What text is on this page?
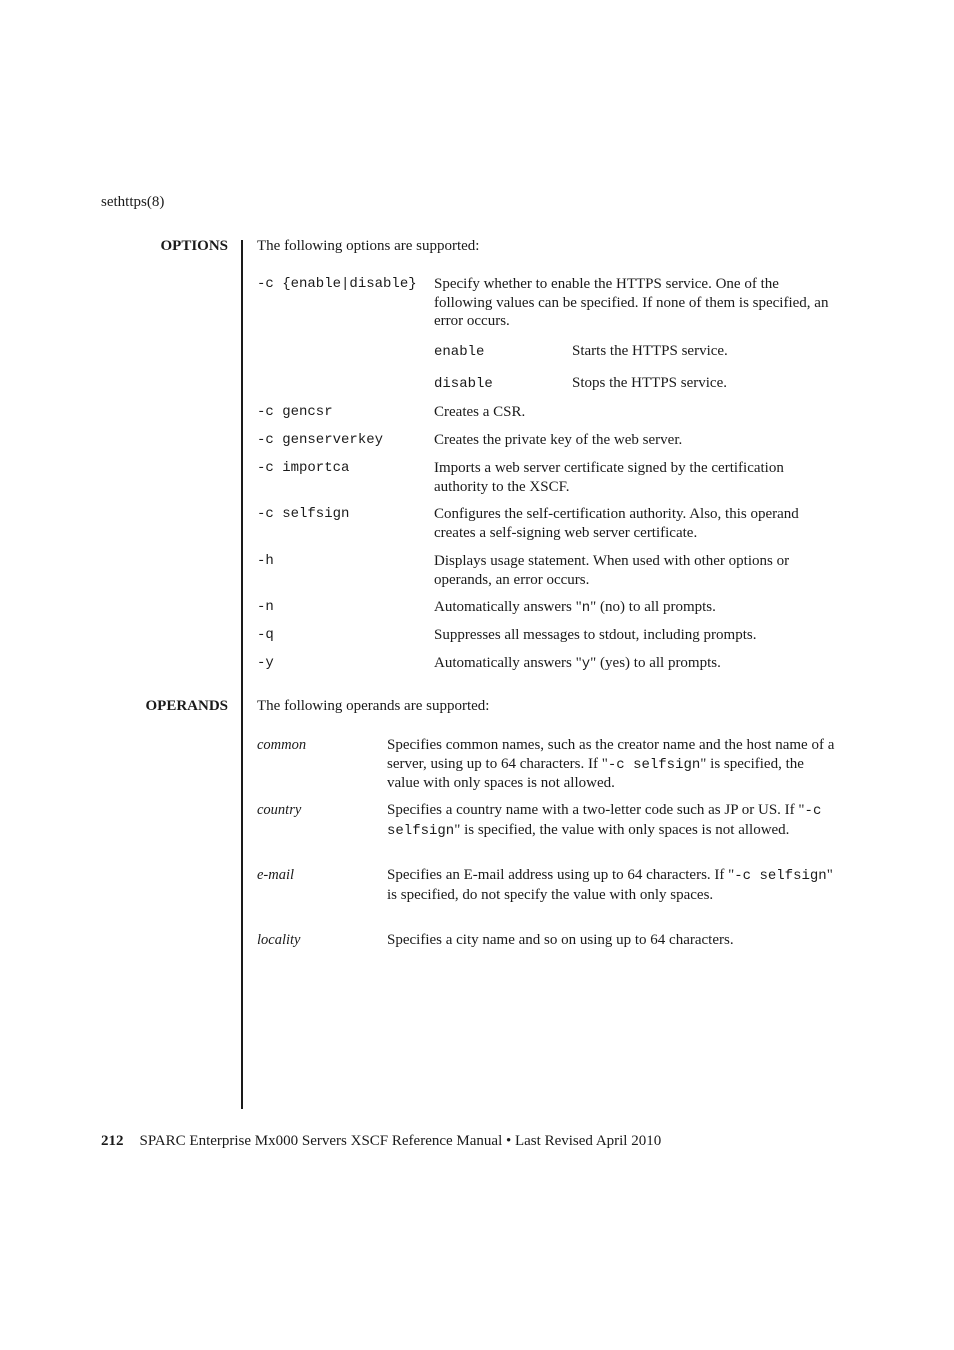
sethttps(8)
OPTIONS The following options are supported:
-c {enable|disable} Specify whether to enable the HTTPS service. One of the following values can be specified. If none of them is specified, an error occurs.
enable	Starts the HTTPS service.
disable	Stops the HTTPS service.
-c gencsr	Creates a CSR.
-c genserverkey	Creates the private key of the web server.
-c importca	Imports a web server certificate signed by the certification authority to the XSCF.
-c selfsign	Configures the self-certification authority. Also, this operand creates a self-signing web server certificate.
-h	Displays usage statement. When used with other options or operands, an error occurs.
-n	Automatically answers "n" (no) to all prompts.
-q	Suppresses all messages to stdout, including prompts.
-y	Automatically answers "y" (yes) to all prompts.
OPERANDS The following operands are supported:
common	Specifies common names, such as the creator name and the host name of a server, using up to 64 characters. If "-c selfsign" is specified, the value with only spaces is not allowed.
country	Specifies a country name with a two-letter code such as JP or US. If "-c selfsign" is specified, the value with only spaces is not allowed.
e-mail	Specifies an E-mail address using up to 64 characters. If "-c selfsign" is specified, do not specify the value with only spaces.
locality	Specifies a city name and so on using up to 64 characters.
212 SPARC Enterprise Mx000 Servers XSCF Reference Manual • Last Revised April 2010
